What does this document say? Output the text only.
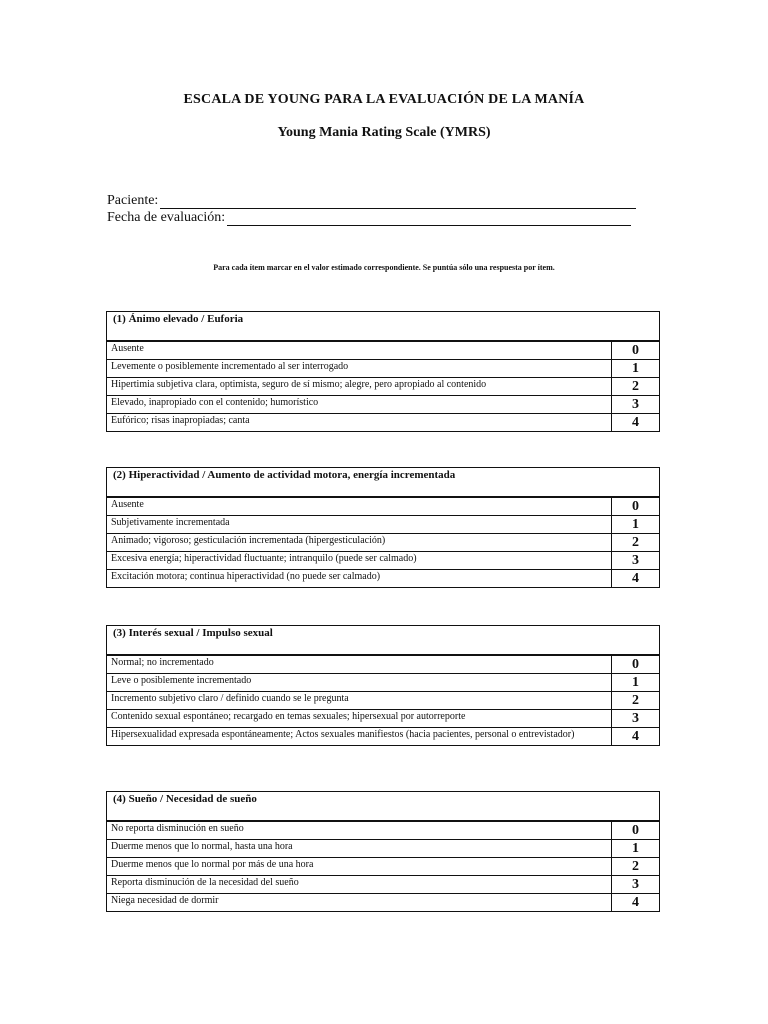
ESCALA DE YOUNG PARA LA EVALUACIÓN DE LA MANÍA
Young Mania Rating Scale (YMRS)
Paciente:
Fecha de evaluación:
Para cada ítem marcar en el valor estimado correspondiente. Se puntúa sólo una respuesta por ítem.
(1) Ánimo elevado / Euforia
Ausente	0
Levemente o posiblemente incrementado al ser interrogado	1
Hipertimia subjetiva clara, optimista, seguro de sí mismo; alegre, pero apropiado al contenido	2
Elevado, inapropiado con el contenido; humorístico	3
Eufórico; risas inapropiadas; canta	4
(2) Hiperactividad / Aumento de actividad motora, energía incrementada
Ausente	0
Subjetivamente incrementada	1
Animado; vigoroso; gesticulación incrementada (hipergesticulación)	2
Excesiva energía; hiperactividad fluctuante; intranquilo (puede ser calmado)	3
Excitación motora; continua hiperactividad (no puede ser calmado)	4
(3) Interés sexual / Impulso sexual
Normal; no incrementado	0
Leve o posiblemente incrementado	1
Incremento subjetivo claro / definido cuando se le pregunta	2
Contenido sexual espontáneo; recargado en temas sexuales; hipersexual por autorreporte	3
Hipersexualidad expresada espontáneamente; Actos sexuales manifiestos (hacia pacientes, personal o entrevistador)	4
(4) Sueño / Necesidad de sueño
No reporta disminución en sueño	0
Duerme menos que lo normal, hasta una hora	1
Duerme menos que lo normal por más de una hora	2
Reporta disminución de la necesidad del sueño	3
Niega necesidad de dormir	4
